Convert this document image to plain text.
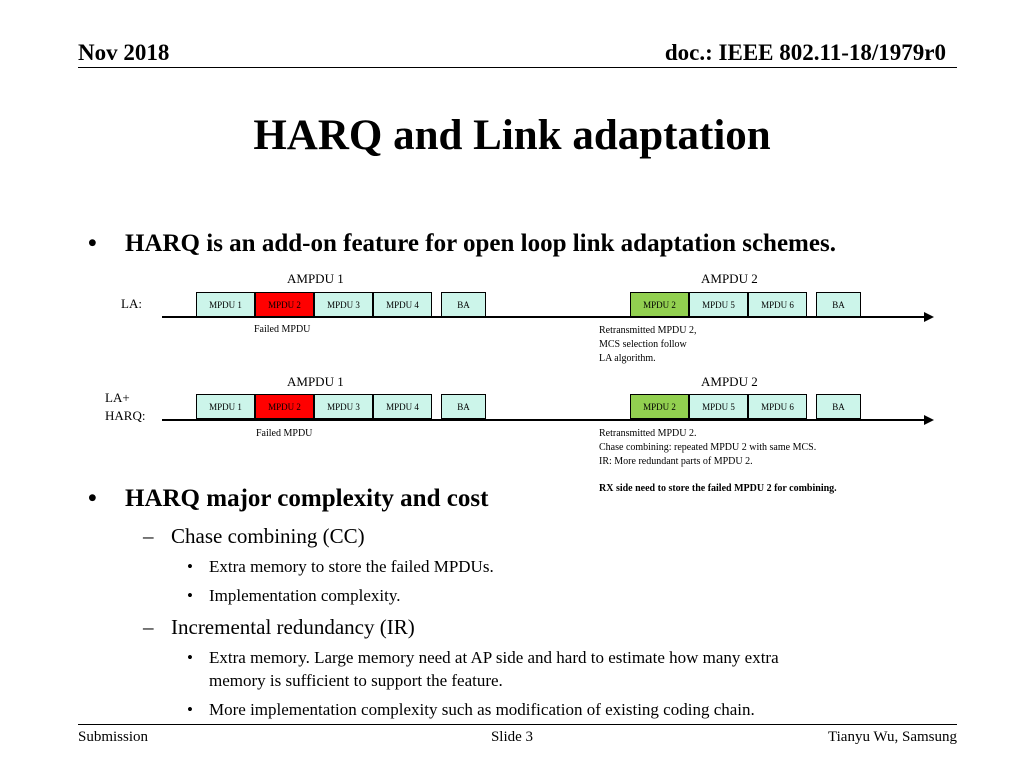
Nov 2018	doc.: IEEE 802.11-18/1979r0
HARQ and Link adaptation
• HARQ is an add-on feature for open loop link adaptation schemes.
AMPDU 1	AMPDU 2
LA:	MPDU 1	MPDU 2	MPDU 3	MPDU 4	BA	MPDU 2	MPDU 5	MPDU 6	BA
Failed MPDU	Retransmitted MPDU 2,
MCS selection follow
LA algorithm.
AMPDU 1	AMPDU 2
LA+
HARQ:
MPDU 1	MPDU 2	MPDU 3	MPDU 4	BA	MPDU 2	MPDU 5	MPDU 6	BA
Failed MPDU	Retransmitted MPDU 2.
Chase combining: repeated MPDU 2 with same MCS.
IR: More redundant parts of MPDU 2.
RX side need to store the failed MPDU 2 for combining.
• HARQ major complexity and cost
– Chase combining (CC)
• Extra memory to store the failed MPDUs.
• Implementation complexity.
– Incremental redundancy (IR)
• Extra memory. Large memory need at AP side and hard to estimate how many extra
memory is sufficient to support the feature.
• More implementation complexity such as modification of existing coding chain.
Submission	Slide 3	Tianyu Wu, Samsung
